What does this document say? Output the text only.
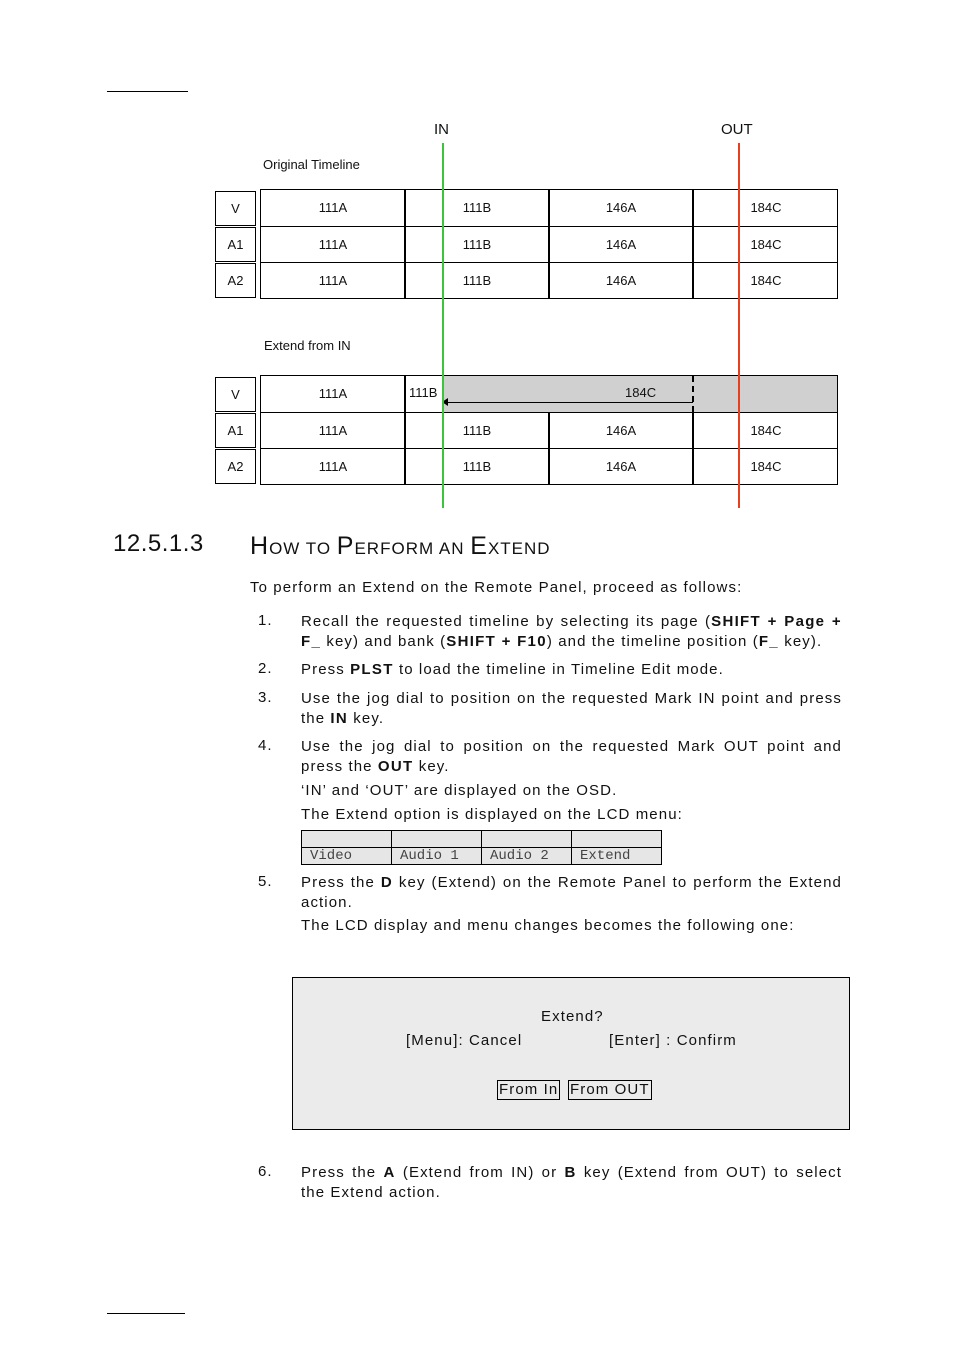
IN	OUT
Original Timeline
V
A1
A2
111A	111B	146A	184C
111A	111B	146A	184C
111A	111B	146A	184C
Extend from IN
V
A1
A2
111A	111B	184C
111A	111B	146A	184C
111A	111B	146A	184C
12.5.1.3 HOW TO PERFORM AN EXTEND
To perform an Extend on the Remote Panel, proceed as follows:
1. Recall the requested timeline by selecting its page (SHIFT + Page + F_ key) and bank (SHIFT + F10) and the timeline position (F_ key).
2. Press PLST to load the timeline in Timeline Edit mode.
3. Use the jog dial to position on the requested Mark IN point and press the IN key.
4. Use the jog dial to position on the requested Mark OUT point and press the OUT key.
‘IN’ and ‘OUT’ are displayed on the OSD.
The Extend option is displayed on the LCD menu:

Video	Audio 1	Audio 2	Extend
5. Press the D key (Extend) on the Remote Panel to perform the Extend action.
The LCD display and menu changes becomes the following one:
Extend?
[Menu]: Cancel	[Enter] : Confirm
From In From OUT
6. Press the A (Extend from IN) or B key (Extend from OUT) to select the Extend action.
